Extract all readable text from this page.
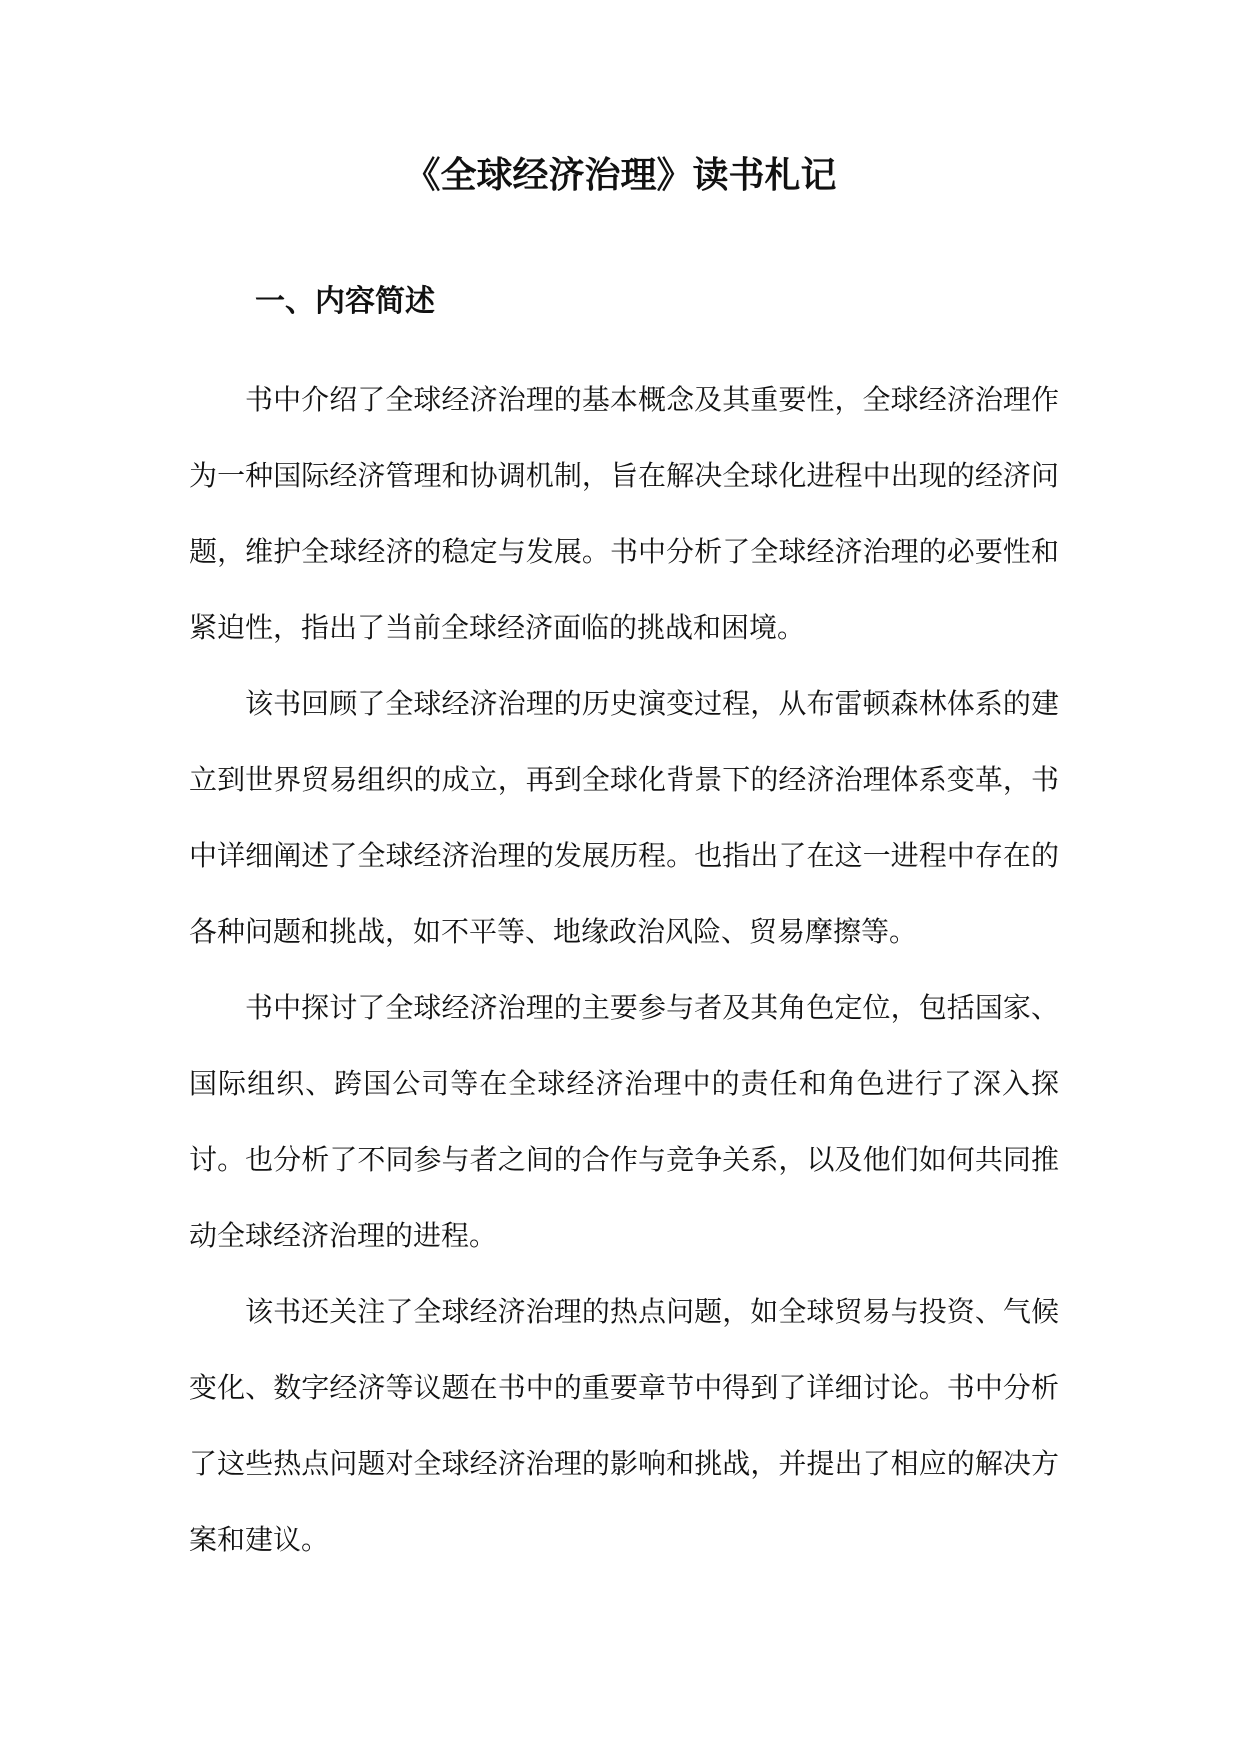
《全球经济治理》读书札记
一、内容简述

书中介绍了全球经济治理的基本概念及其重要性，全球经济治理作为一种国际经济管理和协调机制，旨在解决全球化进程中出现的经济问题，维护全球经济的稳定与发展。书中分析了全球经济治理的必要性和紧迫性，指出了当前全球经济面临的挑战和困境。

该书回顾了全球经济治理的历史演变过程，从布雷顿森林体系的建立到世界贸易组织的成立，再到全球化背景下的经济治理体系变革，书中详细阐述了全球经济治理的发展历程。也指出了在这一进程中存在的各种问题和挑战，如不平等、地缘政治风险、贸易摩擦等。

书中探讨了全球经济治理的主要参与者及其角色定位，包括国家、国际组织、跨国公司等在全球经济治理中的责任和角色进行了深入探讨。也分析了不同参与者之间的合作与竞争关系，以及他们如何共同推动全球经济治理的进程。

该书还关注了全球经济治理的热点问题，如全球贸易与投资、气候变化、数字经济等议题在书中的重要章节中得到了详细讨论。书中分析了这些热点问题对全球经济治理的影响和挑战，并提出了相应的解决方案和建议。
